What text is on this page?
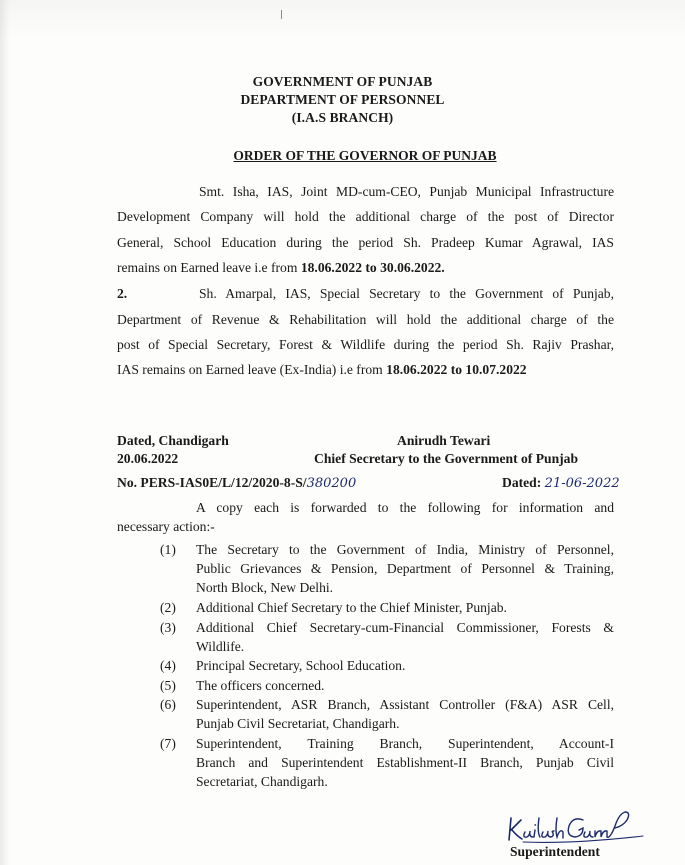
GOVERNMENT OF PUNJAB
DEPARTMENT OF PERSONNEL
(I.A.S BRANCH)
ORDER OF THE GOVERNOR OF PUNJAB
Smt. Isha, IAS, Joint MD-cum-CEO, Punjab Municipal Infrastructure
Development Company will hold the additional charge of the post of Director
General, School Education during the period Sh. Pradeep Kumar Agrawal, IAS
remains on Earned leave i.e from 18.06.2022 to 30.06.2022.
2.	Sh. Amarpal, IAS, Special Secretary to the Government of Punjab,
Department of Revenue & Rehabilitation will hold the additional charge of the
post of Special Secretary, Forest & Wildlife during the period Sh. Rajiv Prashar,
IAS remains on Earned leave (Ex-India) i.e from 18.06.2022 to 10.07.2022
Dated, Chandigarh
20.06.2022
Anirudh Tewari
Chief Secretary to the Government of Punjab
No. PERS-IAS0E/L/12/2020-8-S/380200	Dated: 21-06-2022
A copy each is forwarded to the following for information and
necessary action:-
(1) The Secretary to the Government of India, Ministry of Personnel,
Public Grievances & Pension, Department of Personnel & Training,
North Block, New Delhi.
(2) Additional Chief Secretary to the Chief Minister, Punjab.
(3) Additional Chief Secretary-cum-Financial Commissioner, Forests &
Wildlife.
(4) Principal Secretary, School Education.
(5) The officers concerned.
(6) Superintendent, ASR Branch, Assistant Controller (F&A) ASR Cell,
Punjab Civil Secretariat, Chandigarh.
(7) Superintendent, Training Branch, Superintendent, Account-I
Branch and Superintendent Establishment-II Branch, Punjab Civil
Secretariat, Chandigarh.
Superintendent
